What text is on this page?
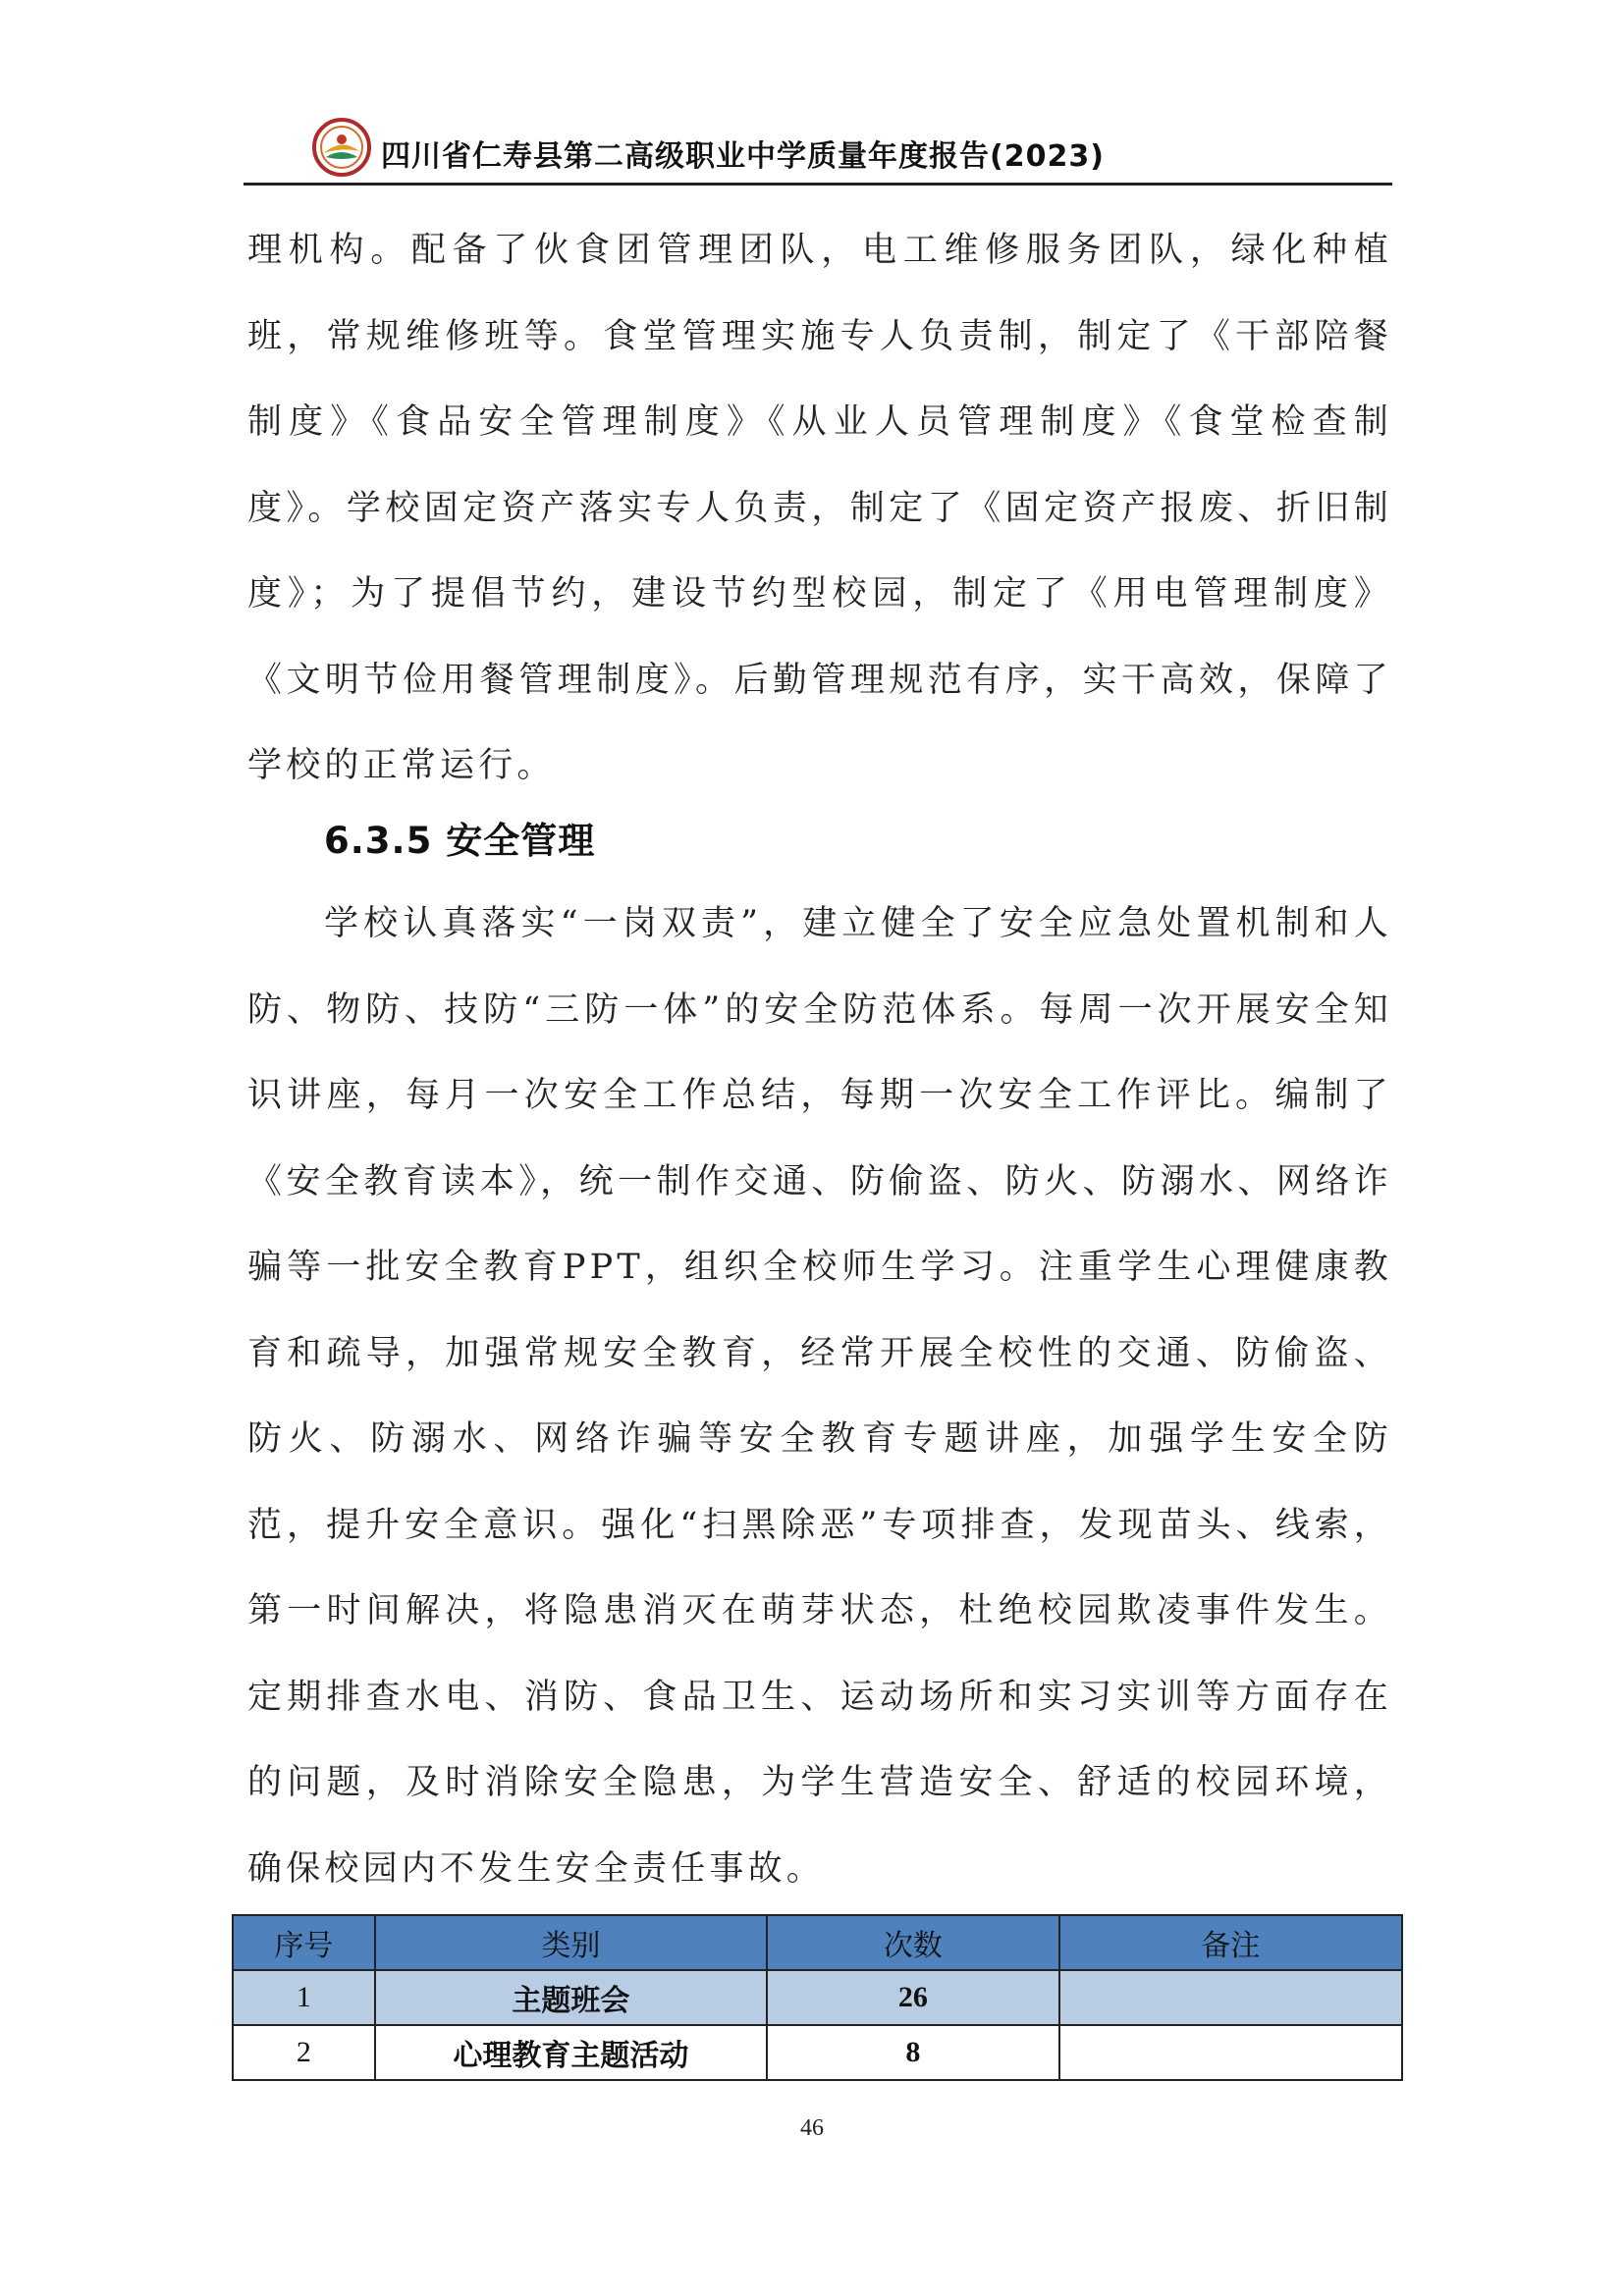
四川省仁寿县第二高级职业中学质量年度报告(2023)

理机构。配备了伙食团管理团队，电工维修服务团队，绿化种植班，常规维修班等。食堂管理实施专人负责制，制定了《干部陪餐制度》《食品安全管理制度》《从业人员管理制度》《食堂检查制度》。学校固定资产落实专人负责，制定了《固定资产报废、折旧制度》；为了提倡节约，建设节约型校园，制定了《用电管理制度》《文明节俭用餐管理制度》。后勤管理规范有序，实干高效，保障了学校的正常运行。

6.3.5 安全管理

学校认真落实“一岗双责”，建立健全了安全应急处置机制和人防、物防、技防“三防一体”的安全防范体系。每周一次开展安全知识讲座，每月一次安全工作总结，每期一次安全工作评比。编制了《安全教育读本》，统一制作交通、防偷盗、防火、防溺水、网络诈骗等一批安全教育PPT，组织全校师生学习。注重学生心理健康教育和疏导，加强常规安全教育，经常开展全校性的交通、防偷盗、防火、防溺水、网络诈骗等安全教育专题讲座，加强学生安全防范，提升安全意识。强化“扫黑除恶”专项排查，发现苗头、线索，第一时间解决，将隐患消灭在萌芽状态，杜绝校园欺凌事件发生。定期排查水电、消防、食品卫生、运动场所和实习实训等方面存在的问题，及时消除安全隐患，为学生营造安全、舒适的校园环境，确保校园内不发生安全责任事故。

序号	类别	次数	备注
1	主题班会	26	
2	心理教育主题活动	8	
46
